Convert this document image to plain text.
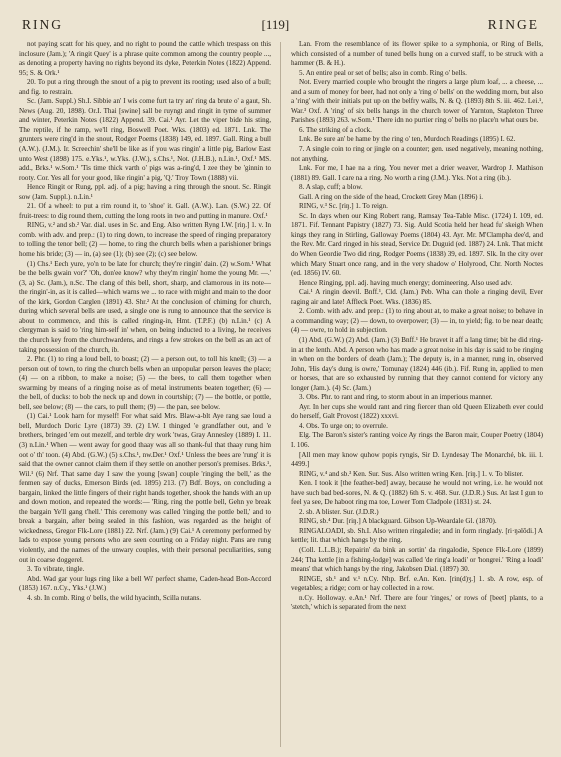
RING	[119]	RINGE

not paying scatt for his quey, and no right to pound the cattle which trespass on this inclosure (Jam.); 'A ringit Quey' is a phrase quite common among the country people ..., as denoting a property having no rights beyond its dyke, Peterkin Notes (1822) Append. 95; S. & Ork.¹

20. To put a ring through the snout of a pig to prevent its rooting; used also of a bull; and fig. to restrain.

Sc. (Jam. Suppl.) Sh.I. Sibbie an' I wis come furt ta try an' ring da brute o' a gaut, Sh. News (Aug. 20, 1898). Or.I. Thai [swine] sall be ruyngt and ringit in tyme of summer and winter, Peterkin Notes (1822) Append. 39. Cai.¹ Ayr. Let the viper bide his sting, The reptile, if he ramp, we'll ring, Boswell Poet. Wks. (1803) ed. 1871. Lnk. The grunters were ring'd in the snout, Rodger Poems (1838) 149, ed. 1897. Gall. Ring a bull (A.W.). (J.M.). Ir. Screechin' she'll be like as if you was ringin' a little pig, Barlow East unto West (1898) 175. e.Yks.¹, w.Yks. (J.W.), s.Chs.¹, Not. (J.H.B.), n.Lin.¹, Oxf.¹ MS. add., Brks.¹ w.Som.¹ 'Tis time thick varth o' pigs was a-ring'd, I zee they be 'ginnin to rooty. Cor. Yes all for your good, like ringin' a pig, 'Q.' Troy Town (1888) vii.

Hence Ringit or Rung, ppl. adj. of a pig; having a ring through the snout. Sc. Ringit sow (Jam. Suppl.). n.Lin.¹

21. Of a wheel: to put a rim round it, to 'shoe' it. Gall. (A.W.). Lan. (S.W.) 22. Of fruit-trees: to dig round them, cutting the long roots in two and putting in manure. Oxf.¹

RING, v.² and sb.² Var. dial. uses in Sc. and Eng. Also written Ryng I.W. [riŋ.] 1. v. In comb. with adv. and prep.: (1) to ring down, to increase the speed of ringing preparatory to tolling the tenor bell; (2) — home, to ring the church bells when a parishioner brings home his bride; (3) — in, (a) see (1); (b) see (2); (c) see below.

(1) Chs.¹ Eech yure, yo'n to be late for church; they're ringin' dain. (2) w.Som.¹ What be the bells gwain vor?' 'Oh, don'ee know? why they'm ringin' home the young Mr. —.' (3, a) Sc. (Jam.), n.Sc. The clang of this bell, short, sharp, and clamorous in its note—the ringin'-in, as it is called—which warns we ... to race with might and main to the door of the kirk, Gordon Carglen (1891) 43. Shr.² At the conclusion of chiming for church, during which several bells are used, a single one is rung to announce that the service is about to commence, and this is called ringing-in, Hmt. (T.P.F.) (b) n.Lin.¹ (c) A clergyman is said to 'ring him-self in' when, on being inducted to a living, he receives the church key from the churchwardens, and rings a few strokes on the bell as an act of taking possession of the church, ib.

2. Phr. (1) to ring a loud bell, to boast; (2) — a person out, to toll his knell; (3) — a person out of town, to ring the church bells when an unpopular person leaves the place; (4) — on a ribbon, to make a noise; (5) — the bees, to call them together when swarming by means of a ringing noise as of metal instruments beaten together; (6) — the bell, of ducks: to bob the neck up and down in courtship; (7) — the bottle, or pottle, bell, see below; (8) — the cars, to pull them; (9) — the pan, see below.

(1) Cai.¹ Look harn for myself! For what said Mrs. Blaw-a-blt Aye rang sae loud a bell, Murdoch Doric Lyre (1873) 39. (2) I.W. I thinged 'e grandfather out, and 'e brethers, bringed 'em out mezelf, and terble dry work 'twas, Gray Annesley (1889) I. 11. (3) n.Lin.¹ When — went away for good thaay was all so thank-ful that thaay rung him oot o' th' toon. (4) Abd. (G.W.) (5) s.Chs.¹, nw.Der.¹ Oxf.¹ Unless the bees are 'rung' it is said that the owner cannot claim them if they settle on another person's premises. Brks.¹, Wil.¹ (6) Nrf. That same day I saw the young [swan] couple 'ringing the bell,' as the fenmen say of ducks, Emerson Birds (ed. 1895) 213. (7) Bdf. Boys, on concluding a bargain, linked the little fingers of their right hands together, shook the hands with an up and down motion, and repeated the words:— 'Ring, ring the pottle bell, Gehn ye break the bargain Ye'll gang t'hell.' This ceremony was called 'ringing the pottle bell,' and to break a bargain, after being sealed in this fashion, was regarded as the height of wickedness, Gregor Flk-Lore (1881) 22. Nrf. (Jam.) (9) Cai.¹ A ceremony performed by lads to expose young persons who are seen courting on a Friday night. Pans are rung violently, and the names of the unwary couples, with their personal peculiarities, sung out in coarse doggerel.

3. To vibrate, tingle.

Abd. Wad gar your lugs ring like a bell Wi' perfect shame, Caden-head Bon-Accord (1853) 167. n.Cy., Yks.¹ (J.W.)

4. sb. In comb. Ring o' bells, the wild hyacinth, Scilla nutans.

Lan. From the resemblance of its flower spike to a symphonia, or Ring of Bells, which consisted of a number of tuned bells hung on a curved staff, to be struck with a hammer (B. & H.).

5. An entire peal or set of bells; also in comb. Ring o' bells.

Not. Every married couple who brought the ringers a large plum loaf, ... a cheese, ... and a sum of money for beer, had not only a 'ring o' bells' on the wedding morn, but also a 'ring' with their initials put up on the belfry walls, N. & Q. (1893) 8th S. iii. 462. Lei.¹, War.³ Oxf. A 'ring' of six bells hangs in the church tower of Yarnton, Stapleton Three Parishes (1893) 263. w.Som.¹ There idn no purtier ring o' bells no place'n what ours be.

6. The striking of a clock.

Lnk. Be sure an' be hame by the ring o' ten, Murdoch Readings (1895) I. 62.

7. A single coin to ring or jingle on a counter; gen. used negatively, meaning nothing, not anything.

Lnk. For me, I hae na a ring, You never met a drier weaver, Wardrop J. Mathison (1881) 89. Gall. I care na a ring. No worth a ring (J.M.). Yks. Not a ring (ib.).

8. A slap, cuff; a blow.

Gall. A ring on the side of the head, Crockett Grey Man (1896) i.

RING, v.³ Sc. [riŋ.] 1. To reign.

Sc. In days when our King Robert rang, Ramsay Tea-Table Misc. (1724) I. 109, ed. 1871. Fif. Tennant Papistry (1827) 73. Sig. Auld Scotia held her head fu' skeigh When kings they rang in Stirling, Galloway Poems (1804) 43. Ayr. Mr. M'Clampha dee'd, and the Rev. Mr. Card ringed in his stead, Service Dr. Duguid (ed. 1887) 24. Lnk. That micht do When Geordie Two did ring, Rodger Poems (1838) 39, ed. 1897. Slk. In the city over which Mary Stuart once rang, and in the very shadow o' Holyrood, Chr. North Noctes (ed. 1856) IV. 60.

Hence Ringing, ppl. adj. having much energy; domineering. Also used adv.

Cai.¹ A ringin deevil. Bnff.¹, Cld. (Jam.) Peb. Wha can thole a ringing devil, Ever raging air and late! Affleck Poet. Wks. (1836) 85.

2. Comb. with adv. and prep.: (1) to ring about at, to make a great noise; to behave in a commanding way; (2) — down, to overpower; (3) — in, to yield; fig. to be near death; (4) — owre, to hold in subjection.

(1) Abd. (G.W.) (2) Abd. (Jam.) (3) Bnff.¹ He bravet it aff a lang time; bit he did ring-in at the lenth. Abd. A person who has made a great noise in his day is said to be ringing in when on the borders of death (Jam.); The deputy is, in a manner, rung in, observed John, 'His day's dung is owre,' Tomunay (1824) 446 (ib.). Fif. Rung in, applied to men or horses, that are so exhausted by running that they cannot contend for victory any longer (Jam.). (4) Sc. (Jam.)

3. Obs. Phr. to rant and ring, to storm about in an imperious manner.

Ayr. In her cups she would rant and ring fiercer than old Queen Elizabeth ever could do herself, Galt Provost (1822) xxxvi.

4. Obs. To urge on; to overrule.

Elg. The Baron's sister's ranting voice Ay rings the Baron mair, Couper Poetry (1804) I. 106.

[All men may know quhow popis ryngis, Sir D. Lyndesay The Monarché, bk. iii. l. 4499.]

RING, v.⁴ and sb.³ Ken. Sur. Sus. Also written wring Ken. [riŋ.] 1. v. To blister.

Ken. I took it [the feather-bed] away, because he would not wring, i.e. he would not have such bad bed-sores, N. & Q. (1882) 6th S. v. 468. Sur. (J.D.R.) Sus. At last I gun to feel ya see, De haboot ring ma toe, Lower Tom Cladpole (1831) st. 24.

2. sb. A blister. Sur. (J.D.R.)

RING, sb.⁴ Dur. [riŋ.] A blackguard. Gibson Up-Weardale Gl. (1870).

RINGALOADI, sb. Sh.I. Also written ringaledie; and in form ringlady. [ri·ŋəlōdi.] A kettle; lit. that which hangs by the ring.

(Coll. L.L.B.); Repairin' da bink an sortin' da ringalodie, Spence Flk-Lore (1899) 244; Tha kettle [in a fishing-lodge] was called 'de ring'a loadi' or 'hongrei.' 'Ring a loadi' means' that which hangs by the ring, Jakobsen Dial. (1897) 30.

RINGE, sb.¹ and v.¹ n.Cy. Nhp. Brf. e.An. Ken. [rin(d)ʒ.] 1. sb. A row, esp. of vegetables; a ridge; corn or hay collected in a row.

n.Cy. Holloway. e.An.¹ Nrf. There are four 'ringes,' or rows of [beet] plants, to a 'stetch,' which is separated from the next
